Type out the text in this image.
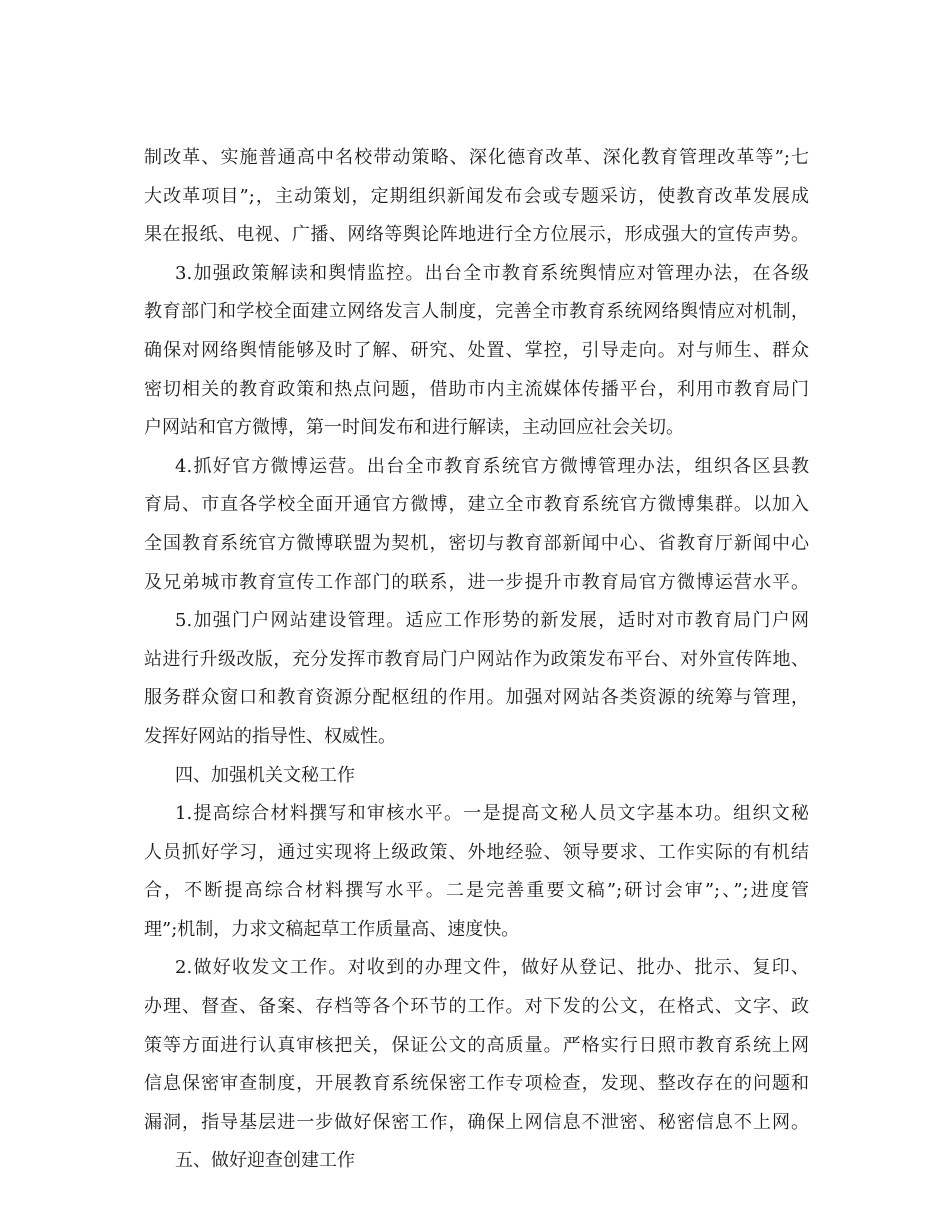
制改革、实施普通高中名校带动策略、深化德育改革、深化教育管理改革等”;七
大改革项目”;，主动策划，定期组织新闻发布会或专题采访，使教育改革发展成
果在报纸、电视、广播、网络等舆论阵地进行全方位展示，形成强大的宣传声势。
3.加强政策解读和舆情监控。出台全市教育系统舆情应对管理办法，在各级
教育部门和学校全面建立网络发言人制度，完善全市教育系统网络舆情应对机制，
确保对网络舆情能够及时了解、研究、处置、掌控，引导走向。对与师生、群众
密切相关的教育政策和热点问题，借助市内主流媒体传播平台，利用市教育局门
户网站和官方微博，第一时间发布和进行解读，主动回应社会关切。
4.抓好官方微博运营。出台全市教育系统官方微博管理办法，组织各区县教
育局、市直各学校全面开通官方微博，建立全市教育系统官方微博集群。以加入
全国教育系统官方微博联盟为契机，密切与教育部新闻中心、省教育厅新闻中心
及兄弟城市教育宣传工作部门的联系，进一步提升市教育局官方微博运营水平。
5.加强门户网站建设管理。适应工作形势的新发展，适时对市教育局门户网
站进行升级改版，充分发挥市教育局门户网站作为政策发布平台、对外宣传阵地、
服务群众窗口和教育资源分配枢纽的作用。加强对网站各类资源的统筹与管理，
发挥好网站的指导性、权威性。
四、加强机关文秘工作
1.提高综合材料撰写和审核水平。一是提高文秘人员文字基本功。组织文秘
人员抓好学习，通过实现将上级政策、外地经验、领导要求、工作实际的有机结
合，不断提高综合材料撰写水平。二是完善重要文稿”;研讨会审”;、”;进度管
理”;机制，力求文稿起草工作质量高、速度快。
2.做好收发文工作。对收到的办理文件，做好从登记、批办、批示、复印、
办理、督查、备案、存档等各个环节的工作。对下发的公文，在格式、文字、政
策等方面进行认真审核把关，保证公文的高质量。严格实行日照市教育系统上网
信息保密审查制度，开展教育系统保密工作专项检查，发现、整改存在的问题和
漏洞，指导基层进一步做好保密工作，确保上网信息不泄密、秘密信息不上网。
五、做好迎查创建工作
